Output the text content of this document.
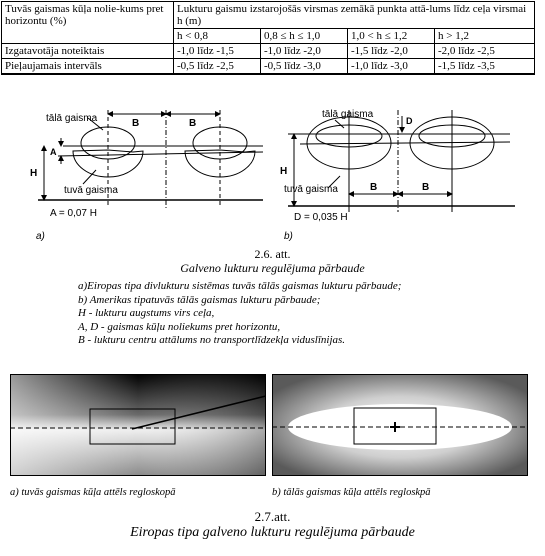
Tuvās gaismas kūļa nolie-kums pret horizontu (%)	Lukturu gaismu izstarojošās virsmas zemākā punkta attā-lums līdz ceļa virsmai h (m)			
	h < 0,8	0,8 ≤ h ≤ 1,0	1,0 < h ≤ 1,2	h > 1,2
Izgatavotāja noteiktais	-1,0 līdz -1,5	-1,0 līdz -2,0	-1,5 līdz -2,0	-2,0 līdz -2,5
Pieļaujamais intervāls	-0,5 līdz -2,5	-0,5 līdz -3,0	-1,0 līdz -3,0	-1,5 līdz -3,5
tālā gaisma
tuvā gaisma
B	B
H
A
A = 0,07 H
a)
tālā gaisma
tuvā gaisma	B	B
H
D
D = 0,035 H
b)
2.6. att.
Galveno lukturu regulējuma pārbaude
a)Eiropas tipa divlukturu sistēmas tuvās tālās gaismas lukturu pārbaude;
b) Amerikas tipatuvās tālās gaismas lukturu pārbaude;
H - lukturu augstums virs ceļa,
A, D - gaismas kūļu noliekums pret horizontu,
B - lukturu centru attālums no transportlīdzekļa viduslīnijas.
a) tuvās gaismas kūļa attēls regloskopā	b) tālās gaismas kūļa attēls regloskpā
2.7.att.
Eiropas tipa galveno lukturu regulējuma pārbaude
